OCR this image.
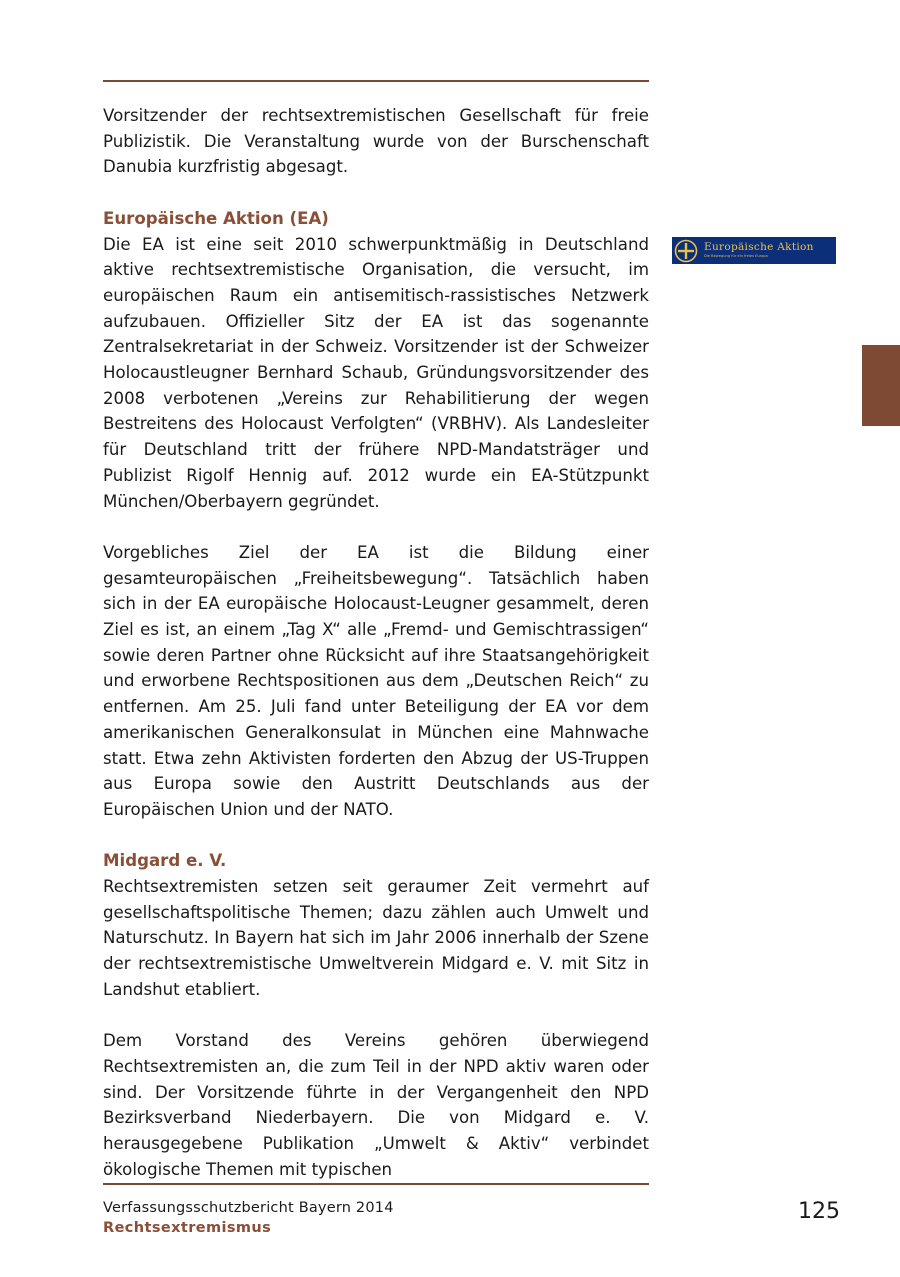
Vorsitzender der rechtsextremistischen Gesellschaft für freie Publizistik. Die Veranstaltung wurde von der Burschenschaft Danubia kurzfristig abgesagt.

Europäische Aktion (EA)

Die EA ist eine seit 2010 schwerpunktmäßig in Deutschland aktive rechtsextremistische Organisation, die versucht, im europäischen Raum ein antisemitisch-rassistisches Netzwerk aufzubauen. Offizieller Sitz der EA ist das sogenannte Zentralsekretariat in der Schweiz. Vorsitzender ist der Schweizer Holocaustleugner Bernhard Schaub, Gründungsvorsitzender des 2008 verbotenen „Vereins zur Rehabilitierung der wegen Bestreitens des Holocaust Verfolgten“ (VRBHV). Als Landesleiter für Deutschland tritt der frühere NPD-Mandatsträger und Publizist Rigolf Hennig auf. 2012 wurde ein EA-Stützpunkt München/Oberbayern gegründet.

Vorgebliches Ziel der EA ist die Bildung einer gesamteuropäischen „Freiheitsbewegung“. Tatsächlich haben sich in der EA europäische Holocaust-Leugner gesammelt, deren Ziel es ist, an einem „Tag X“ alle „Fremd- und Gemischtrassigen“ sowie deren Partner ohne Rücksicht auf ihre Staatsangehörigkeit und erworbene Rechtspositionen aus dem „Deutschen Reich“ zu entfernen. Am 25. Juli fand unter Beteiligung der EA vor dem amerikanischen Generalkonsulat in München eine Mahnwache statt. Etwa zehn Aktivisten forderten den Abzug der US-Truppen aus Europa sowie den Austritt Deutschlands aus der Europäischen Union und der NATO.

Midgard e. V.

Rechtsextremisten setzen seit geraumer Zeit vermehrt auf gesellschaftspolitische Themen; dazu zählen auch Umwelt und Naturschutz. In Bayern hat sich im Jahr 2006 innerhalb der Szene der rechtsextremistische Umweltverein Midgard e. V. mit Sitz in Landshut etabliert.

Dem Vorstand des Vereins gehören überwiegend Rechtsextremisten an, die zum Teil in der NPD aktiv waren oder sind. Der Vorsitzende führte in der Vergangenheit den NPD Bezirksverband Niederbayern. Die von Midgard e. V. herausgegebene Publikation „Umwelt & Aktiv“ verbindet ökologische Themen mit typischen

Europäische Aktion
Die Bewegung für ein freies Europa
Verfassungsschutzbericht Bayern 2014
Rechtsextremismus
125
